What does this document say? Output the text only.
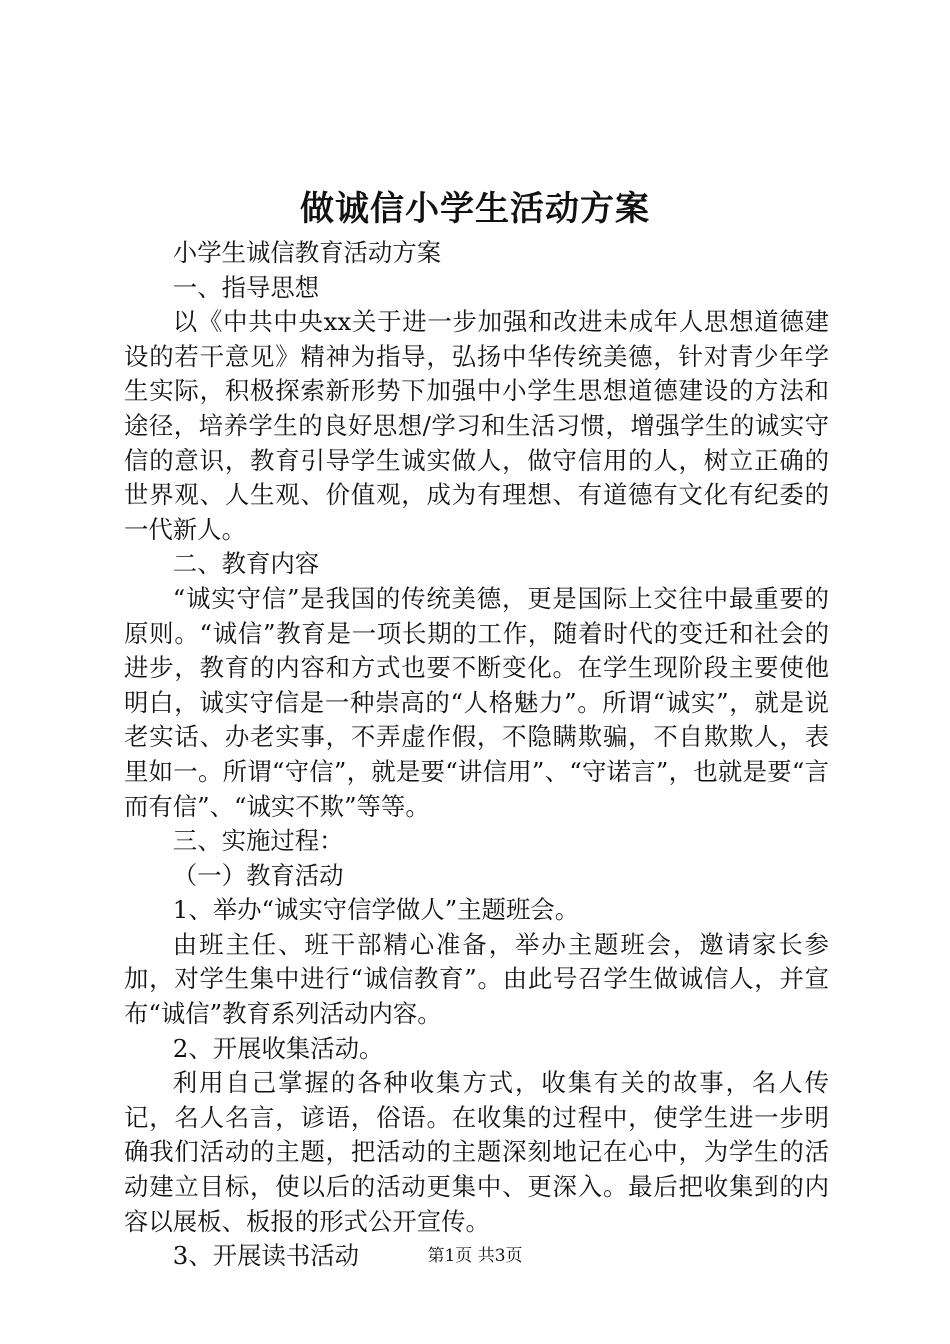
做诚信小学生活动方案

小学生诚信教育活动方案

一、指导思想

以《中共中央xx关于进一步加强和改进未成年人思想道德建设的若干意见》精神为指导，弘扬中华传统美德，针对青少年学生实际，积极探索新形势下加强中小学生思想道德建设的方法和途径，培养学生的良好思想/学习和生活习惯，增强学生的诚实守信的意识，教育引导学生诚实做人，做守信用的人，树立正确的世界观、人生观、价值观，成为有理想、有道德有文化有纪委的一代新人。

二、教育内容

“诚实守信”是我国的传统美德，更是国际上交往中最重要的原则。“诚信”教育是一项长期的工作，随着时代的变迁和社会的进步，教育的内容和方式也要不断变化。在学生现阶段主要使他明白，诚实守信是一种崇高的“人格魅力”。所谓“诚实”，就是说老实话、办老实事，不弄虚作假，不隐瞒欺骗，不自欺欺人，表里如一。所谓“守信”，就是要“讲信用”、“守诺言”，也就是要“言而有信”、“诚实不欺”等等。

三、实施过程：

（一）教育活动

1、举办“诚实守信学做人”主题班会。

由班主任、班干部精心准备，举办主题班会，邀请家长参加，对学生集中进行“诚信教育”。由此号召学生做诚信人，并宣布“诚信”教育系列活动内容。

2、开展收集活动。

利用自己掌握的各种收集方式，收集有关的故事，名人传记，名人名言，谚语，俗语。在收集的过程中，使学生进一步明确我们活动的主题，把活动的主题深刻地记在心中，为学生的活动建立目标，使以后的活动更集中、更深入。最后把收集到的内容以展板、板报的形式公开宣传。

3、开展读书活动	第1页 共3页
